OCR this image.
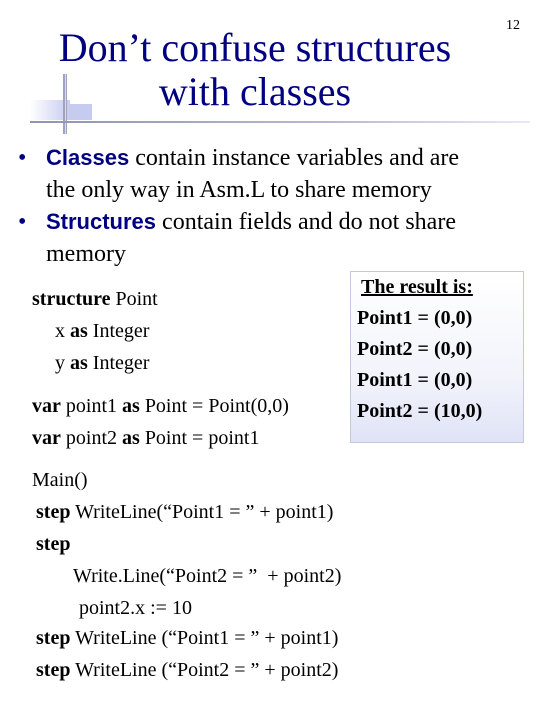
Don’t confuse structures
with classes
12
• Classes contain instance variables and are
the only way in Asm.L to share memory
• Structures contain fields and do not share
memory
structure Point
x as Integer
y as Integer
var point1 as Point = Point(0,0)
var point2 as Point = point1
The result is:
Point1 = (0,0)
Point2 = (0,0)
Point1 = (0,0)
Point2 = (10,0)
Main()
step WriteLine(“Point1 = ” + point1)
step
Write.Line(“Point2 = ”  + point2)
point2.x := 10
step WriteLine (“Point1 = ” + point1)
step WriteLine (“Point2 = ” + point2)
